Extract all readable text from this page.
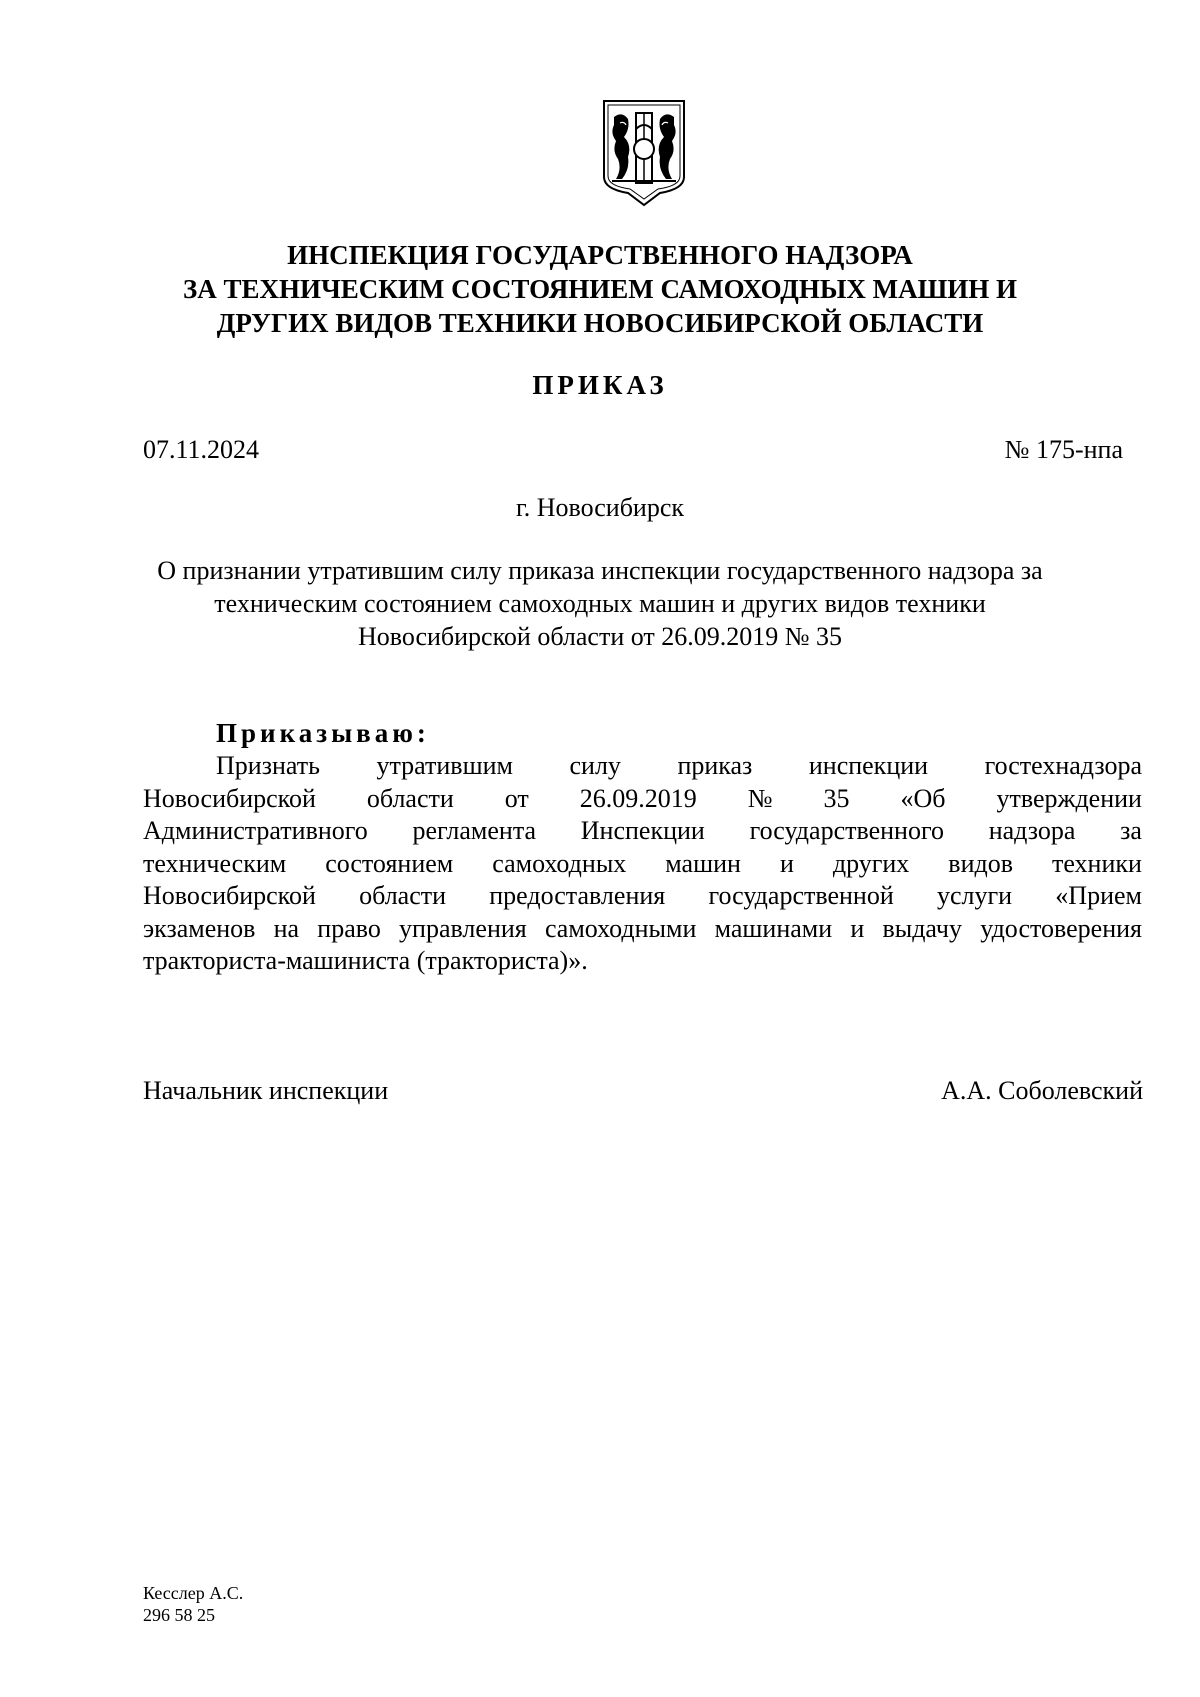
ИНСПЕКЦИЯ ГОСУДАРСТВЕННОГО НАДЗОРА
ЗА ТЕХНИЧЕСКИМ СОСТОЯНИЕМ САМОХОДНЫХ МАШИН И
ДРУГИХ ВИДОВ ТЕХНИКИ НОВОСИБИРСКОЙ ОБЛАСТИ
ПРИКАЗ
07.11.2024	№ 175-нпа
г. Новосибирск
О признании утратившим силу приказа инспекции государственного надзора за
техническим состоянием самоходных машин и других видов техники
Новосибирской области от 26.09.2019 № 35
Приказываю:
Признать утратившим силу приказ инспекции гостехнадзора
Новосибирской области от 26.09.2019 № 35 «Об утверждении
Административного регламента Инспекции государственного надзора за
техническим состоянием самоходных машин и других видов техники
Новосибирской области предоставления государственной услуги «Прием
экзаменов на право управления самоходными машинами и выдачу удостоверения
тракториста-машиниста (тракториста)».
Начальник инспекции	А.А. Соболевский
Кесслер А.С.
296 58 25
